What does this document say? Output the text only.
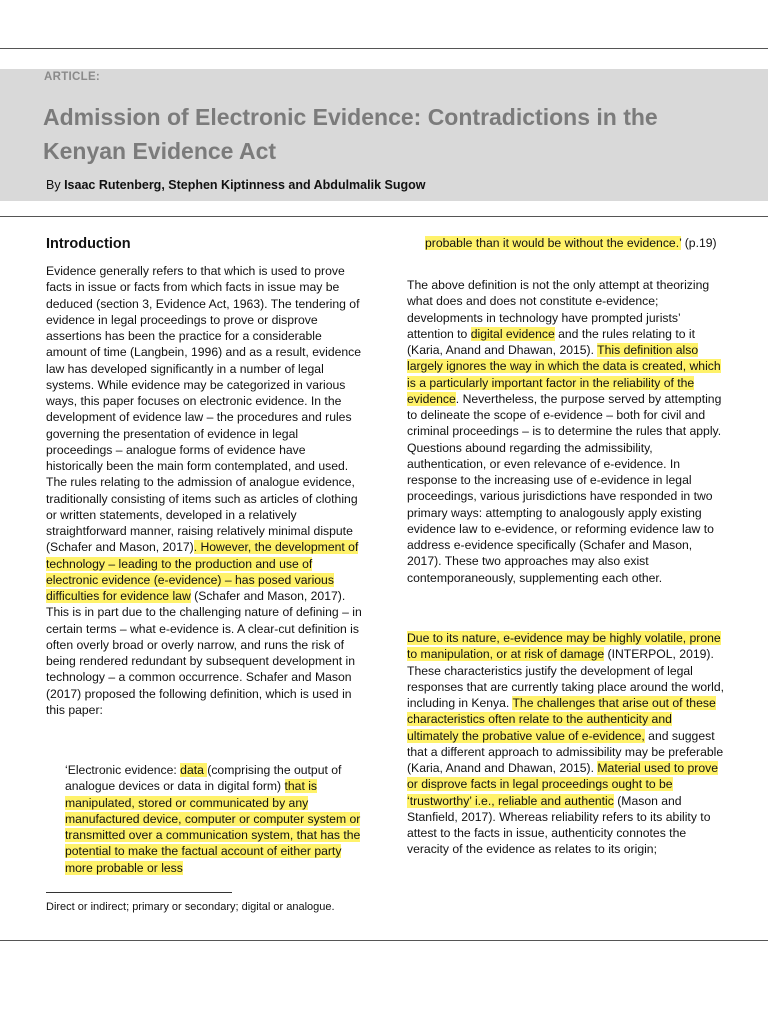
ARTICLE:
Admission of Electronic Evidence: Contradictions in the Kenyan Evidence Act
By Isaac Rutenberg, Stephen Kiptinness and Abdulmalik Sugow
Introduction

Evidence generally refers to that which is used to prove facts in issue or facts from which facts in issue may be deduced (section 3, Evidence Act, 1963). The tendering of evidence in legal proceedings to prove or disprove assertions has been the practice for a considerable amount of time (Langbein, 1996) and as a result, evidence law has developed significantly in a number of legal systems. While evidence may be categorized in various ways, this paper focuses on electronic evidence. In the development of evidence law – the procedures and rules governing the presentation of evidence in legal proceedings – analogue forms of evidence have historically been the main form contemplated, and used. The rules relating to the admission of analogue evidence, traditionally consisting of items such as articles of clothing or written statements, developed in a relatively straightforward manner, raising relatively minimal dispute (Schafer and Mason, 2017). However, the development of technology – leading to the production and use of electronic evidence (e-evidence) – has posed various difficulties for evidence law (Schafer and Mason, 2017). This is in part due to the challenging nature of defining – in certain terms – what e-evidence is. A clear-cut definition is often overly broad or overly narrow, and runs the risk of being rendered redundant by subsequent development in technology – a common occurrence. Schafer and Mason (2017) proposed the following definition, which is used in this paper:

‘Electronic evidence: data (comprising the output of analogue devices or data in digital form) that is manipulated, stored or communicated by any manufactured device, computer or computer system or transmitted over a communication system, that has the potential to make the factual account of either party more probable or less

Direct or indirect; primary or secondary; digital or analogue.

probable than it would be without the evidence.’ (p.19)

The above definition is not the only attempt at theorizing what does and does not constitute e-evidence; developments in technology have prompted jurists’ attention to digital evidence and the rules relating to it (Karia, Anand and Dhawan, 2015). This definition also largely ignores the way in which the data is created, which is a particularly important factor in the reliability of the evidence. Nevertheless, the purpose served by attempting to delineate the scope of e-evidence – both for civil and criminal proceedings – is to determine the rules that apply. Questions abound regarding the admissibility, authentication, or even relevance of e-evidence. In response to the increasing use of e-evidence in legal proceedings, various jurisdictions have responded in two primary ways: attempting to analogously apply existing evidence law to e-evidence, or reforming evidence law to address e-evidence specifically (Schafer and Mason, 2017). These two approaches may also exist contemporaneously, supplementing each other.

Due to its nature, e-evidence may be highly volatile, prone to manipulation, or at risk of damage (INTERPOL, 2019). These characteristics justify the development of legal responses that are currently taking place around the world, including in Kenya. The challenges that arise out of these characteristics often relate to the authenticity and ultimately the probative value of e-evidence, and suggest that a different approach to admissibility may be preferable (Karia, Anand and Dhawan, 2015). Material used to prove or disprove facts in legal proceedings ought to be ‘trustworthy’ i.e., reliable and authentic (Mason and Stanfield, 2017). Whereas reliability refers to its ability to attest to the facts in issue, authenticity connotes the veracity of the evidence as relates to its origin;
